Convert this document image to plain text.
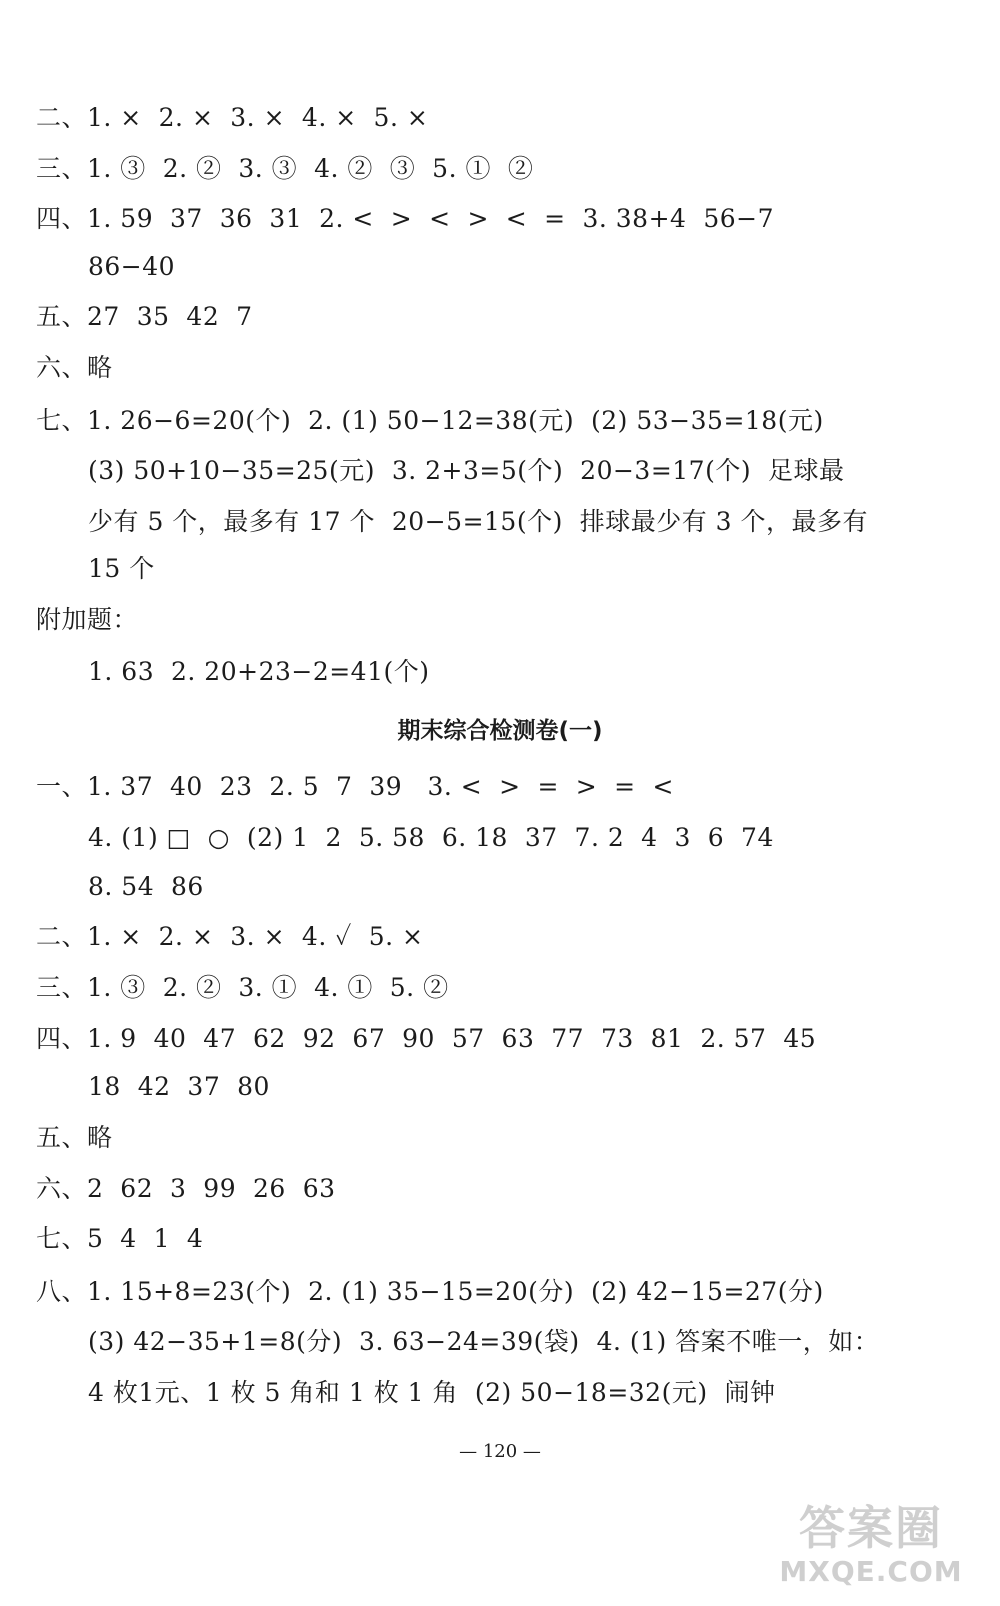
二、1. ×  2. ×  3. ×  4. ×  5. ×
三、1. ③  2. ②  3. ③  4. ②  ③  5. ①  ②
四、1. 59  37  36  31  2. <  >  <  >  <  =  3. 38+4  56−7
86−40
五、27  35  42  7
六、略
七、1. 26−6=20(个)  2. (1) 50−12=38(元)  (2) 53−35=18(元)
(3) 50+10−35=25(元)  3. 2+3=5(个)  20−3=17(个)  足球最
少有 5 个，最多有 17 个  20−5=15(个)  排球最少有 3 个，最多有
15 个
附加题：
1. 63  2. 20+23−2=41(个)
期末综合检测卷(一)
一、1. 37  40  23  2. 5  7  39   3. <  >  =  >  =  <
4. (1) □  ○  (2) 1  2  5. 58  6. 18  37  7. 2  4  3  6  74
8. 54  86
二、1. ×  2. ×  3. ×  4. ✓  5. ×
三、1. ③  2. ②  3. ①  4. ①  5. ②
四、1. 9  40  47  62  92  67  90  57  63  77  73  81  2. 57  45
18  42  37  80
五、略
六、2  62  3  99  26  63
七、5  4  1  4
八、1. 15+8=23(个)  2. (1) 35−15=20(分)  (2) 42−15=27(分)
(3) 42−35+1=8(分)  3. 63−24=39(袋)  4. (1) 答案不唯一，如：
4 枚1元、1 枚 5 角和 1 枚 1 角  (2) 50−18=32(元)  闹钟
— 120 —
答案圈
MXQE.COM
